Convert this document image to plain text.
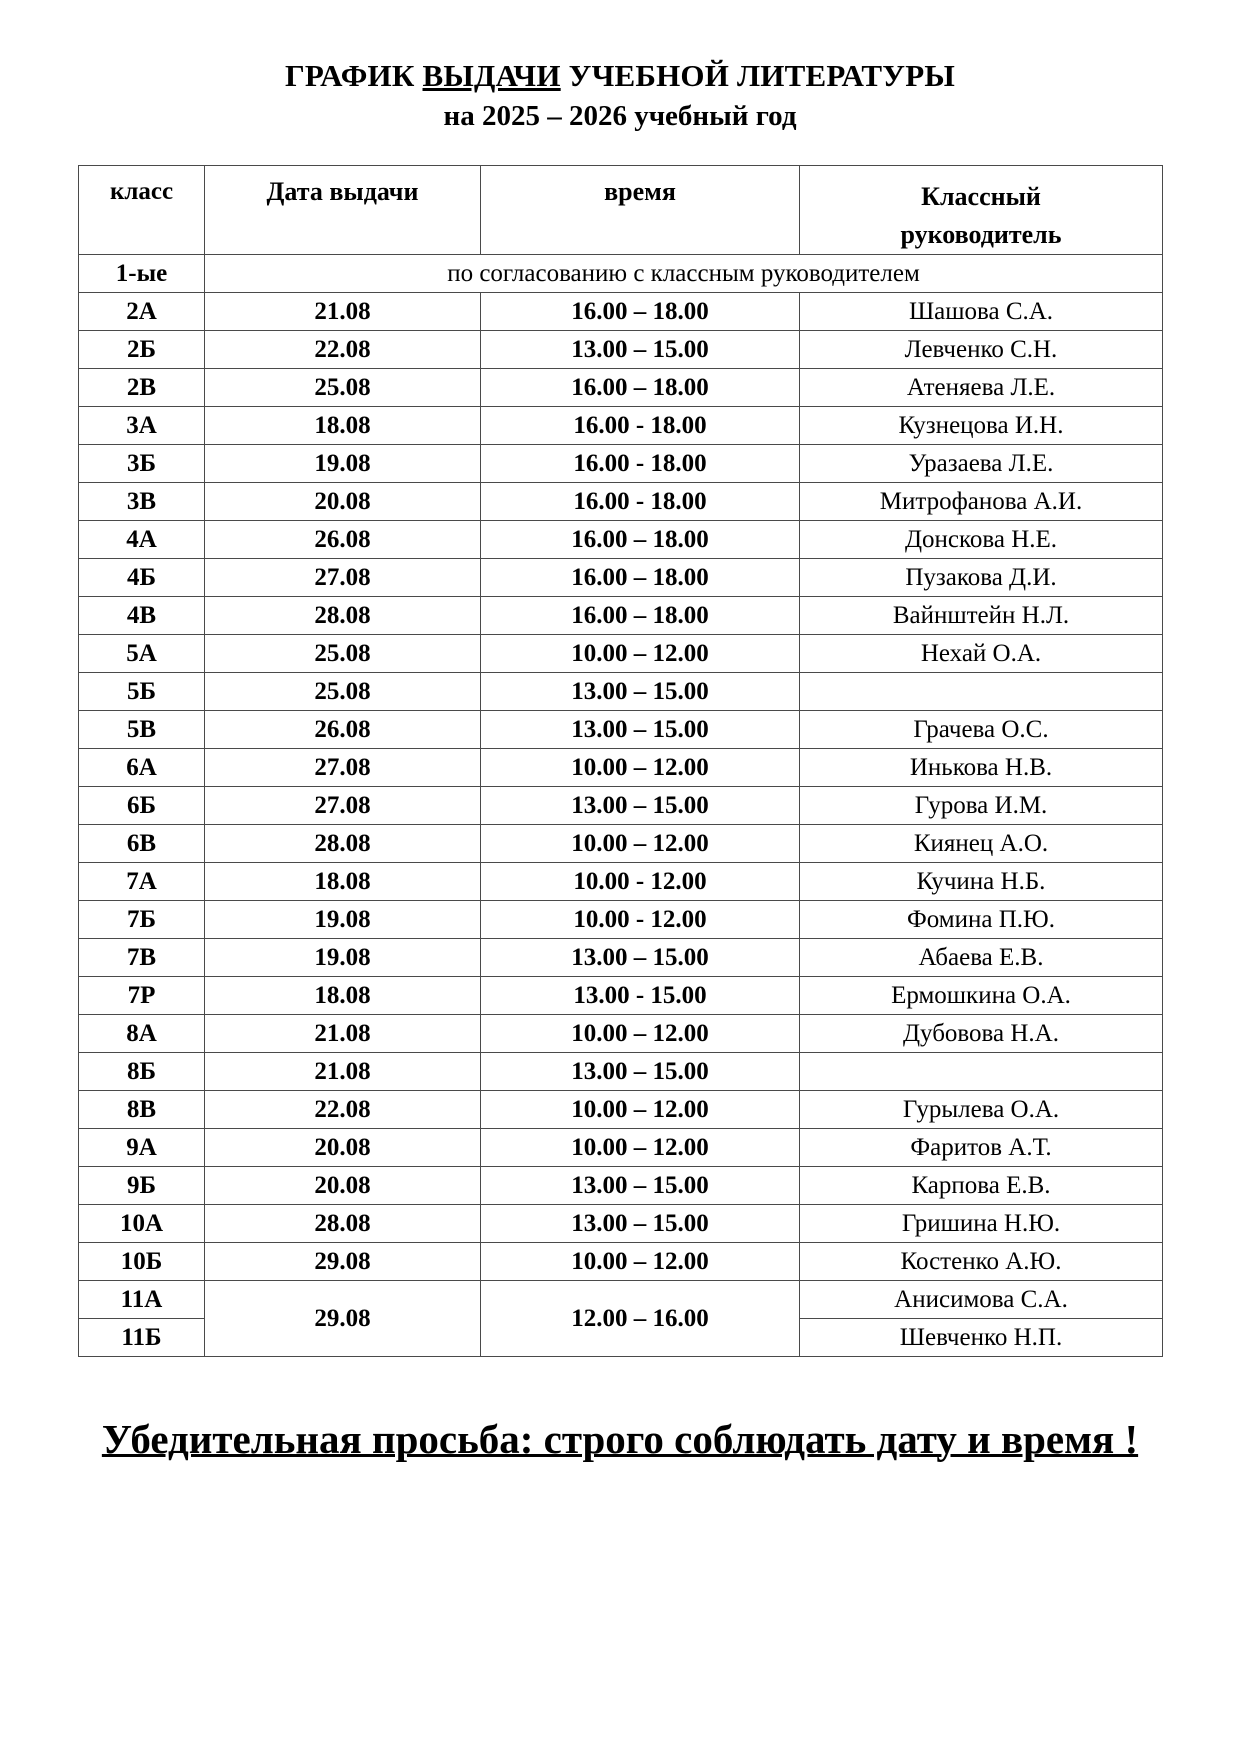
ГРАФИК ВЫДАЧИ УЧЕБНОЙ ЛИТЕРАТУРЫ
на 2025 – 2026 учебный год
класс	Дата выдачи	время	Классный
руководитель
1-ые	по согласованию с классным руководителем		
2А	21.08	16.00 – 18.00	Шашова С.А.
2Б	22.08	13.00 – 15.00	Левченко С.Н.
2В	25.08	16.00 – 18.00	Атеняева Л.Е.
3А	18.08	16.00 - 18.00	Кузнецова И.Н.
3Б	19.08	16.00 - 18.00	Уразаева Л.Е.
3В	20.08	16.00 - 18.00	Митрофанова А.И.
4А	26.08	16.00 – 18.00	Донскова Н.Е.
4Б	27.08	16.00 – 18.00	Пузакова Д.И.
4В	28.08	16.00 – 18.00	Вайнштейн Н.Л.
5А	25.08	10.00 – 12.00	Нехай О.А.
5Б	25.08	13.00 – 15.00	
5В	26.08	13.00 – 15.00	Грачева О.С.
6А	27.08	10.00 – 12.00	Инькова Н.В.
6Б	27.08	13.00 – 15.00	Гурова И.М.
6В	28.08	10.00 – 12.00	Киянец А.О.
7А	18.08	10.00 - 12.00	Кучина Н.Б.
7Б	19.08	10.00 - 12.00	Фомина П.Ю.
7В	19.08	13.00 – 15.00	Абаева Е.В.
7Р	18.08	13.00 - 15.00	Ермошкина О.А.
8А	21.08	10.00 – 12.00	Дубовова Н.А.
8Б	21.08	13.00 – 15.00	
8В	22.08	10.00 – 12.00	Гурылева О.А.
9А	20.08	10.00 – 12.00	Фаритов А.Т.
9Б	20.08	13.00 – 15.00	Карпова Е.В.
10А	28.08	13.00 – 15.00	Гришина Н.Ю.
10Б	29.08	10.00 – 12.00	Костенко А.Ю.
11А	29.08	12.00 – 16.00	Анисимова С.А.
11Б			Шевченко Н.П.
Убедительная просьба: строго соблюдать дату и время !
